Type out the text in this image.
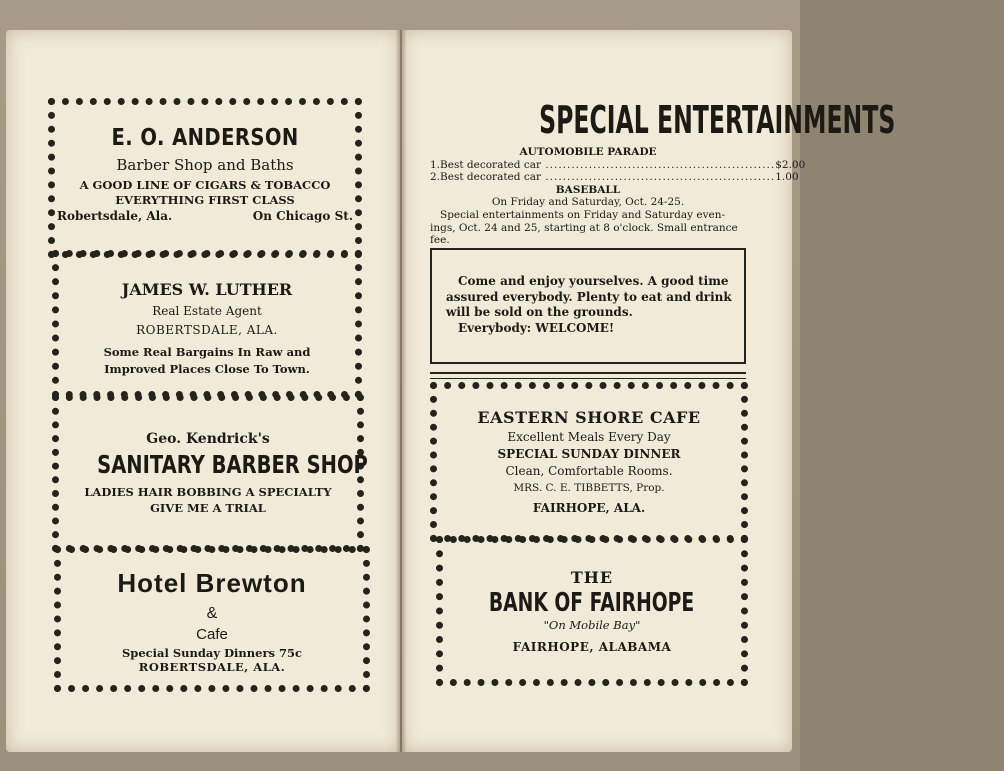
E. O. ANDERSON
Barber Shop and Baths
A GOOD LINE OF CIGARS & TOBACCO
EVERYTHING FIRST CLASS
Robertsdale, Ala.	On Chicago St.
JAMES W. LUTHER
Real Estate Agent
ROBERTSDALE, ALA.
Some Real Bargains In Raw and
Improved Places Close To Town.
Geo. Kendrick's
SANITARY BARBER SHOP
LADIES HAIR BOBBING A SPECIALTY
GIVE ME A TRIAL
Hotel Brewton
&
Cafe
Special Sunday Dinners 75c
ROBERTSDALE, ALA.
SPECIAL ENTERTAINMENTS
AUTOMOBILE PARADE
1. Best decorated car ..................................................... $2.00
2. Best decorated car ..................................................... 1.00
BASEBALL
On Friday and Saturday, Oct. 24-25.
Special entertainments on Friday and Saturday even-
ings, Oct. 24 and 25, starting at 8 o'clock. Small entrance
fee.
Come and enjoy yourselves. A good time
assured everybody. Plenty to eat and drink
will be sold on the grounds.
Everybody: WELCOME!
EASTERN SHORE CAFE
Excellent Meals Every Day
SPECIAL SUNDAY DINNER
Clean, Comfortable Rooms.
MRS. C. E. TIBBETTS, Prop.
FAIRHOPE, ALA.
THE
BANK OF FAIRHOPE
"On Mobile Bay"
FAIRHOPE, ALABAMA
